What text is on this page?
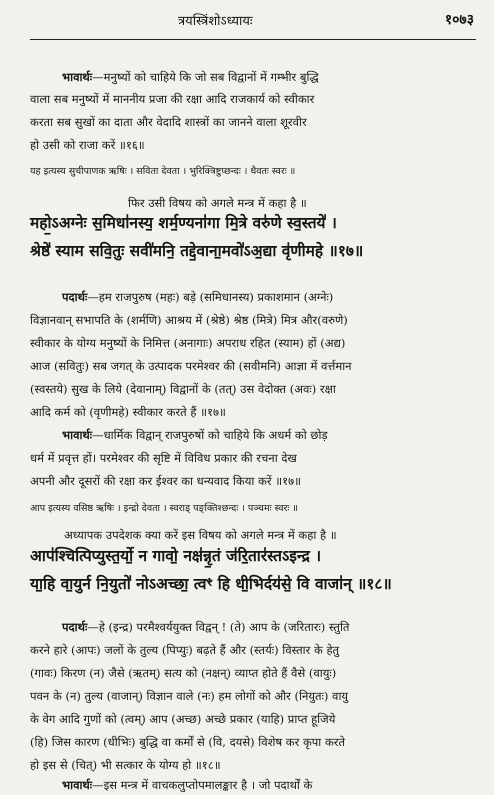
त्रयस्त्रिंशोऽध्यायः	१०७३
भावार्थः—मनुष्यों को चाहिये कि जो सब विद्वानों में गम्भीर बुद्धि
वाला सब मनुष्यों में माननीय प्रजा की रक्षा आदि राजकार्य को स्वीकार
करता सब सुखों का दाता और वेदादि शास्त्रों का जानने वाला शूरवीर
हो उसी को राजा करें ॥१६॥
यह इत्यस्य सुचीपाणक ऋषिः । सविता देवता । भुरिक्त्रिष्टुप्छन्दः । धैवतः स्वरः ॥
फिर उसी विषय को अगले मन्त्र में कहा है ॥
महो॒ऽअग्नेः स॒मिधा॑नस्य॒ शर्म॒ण्यना॑गा मि॒त्रे वरु॑णे स्व॒स्तये॑ ।
श्रेष्ठे॑ स्याम सवि॒तुः सवी॑मनि॒ तद्दे॒वाना॒मवो॑ऽअ॒द्या वृ॑णीमहे ॥१७॥
पदार्थः—हम राजपुरुष (महः) बड़े (समिधानस्य) प्रकाशमान (अग्नेः)
विज्ञानवान् सभापति के (शर्मणि) आश्रय में (श्रेष्ठे) श्रेष्ठ (मित्रे) मित्र और(वरुणे)
स्वीकार के योग्य मनुष्यों के निमित्त (अनागाः) अपराध रहित (स्याम) हों (अद्य)
आज (सवितुः) सब जगत् के उत्पादक परमेश्वर की (सवीमनि) आज्ञा में वर्त्तमान
(स्वस्तये) सुख के लिये (देवानाम्) विद्वानों के (तत्) उस वेदोक्त (अवः) रक्षा
आदि कर्म को (वृणीमहे) स्वीकार करते हैं ॥१७॥
भावार्थः—धार्मिक विद्वान् राजपुरुषों को चाहिये कि अधर्म को छोड़
धर्म में प्रवृत्त हों। परमेश्वर की सृष्टि में विविध प्रकार की रचना देख
अपनी और दूसरों की रक्षा कर ईश्वर का धन्यवाद किया करें ॥१७॥
आप इत्यस्य वसिष्ठ ऋषिः । इन्द्रो देवता । स्वराड् पङ्क्तिश्छन्दः । पञ्चमः स्वरः ॥
अध्यापक उपदेशक क्या करें इस विषय को अगले मन्त्र में कहा है ॥
आप॑श्चित्पिप्युस्त॒र्यो॒ न गावो॒ नक्ष॑न्नृ॒तं ज॑रि॒तार॑स्तऽइन्द्र ।
या॒हि वा॒युर्न नि॒युतो॑ नोऽअच्छा॒ त्वꣳ हि धी॒भिर्दय॑से॒ वि वाजा॑न् ॥१८॥
पदार्थः—हे (इन्द्र) परमैश्वर्ययुक्त विद्वन् ! (ते) आप के (जरितारः) स्तुति
करने हारे (आपः) जलों के तुल्य (पिप्युः) बढ़ते हैं और (स्तर्यः) विस्तार के हेतु
(गावः) किरण (न) जैसे (ऋतम्) सत्य को (नक्षन्) व्याप्त होते हैं वैसे (वायुः)
पवन के (न) तुल्य (वाजान्) विज्ञान वाले (नः) हम लोगों को और (नियुतः) वायु
के वेग आदि गुणों को (त्वम्) आप (अच्छ) अच्छे प्रकार (याहि) प्राप्त हूजिये
(हि) जिस कारण (धीभिः) बुद्धि वा कर्मों से (वि, दयसे) विशेष कर कृपा करते
हो इस से (चित्) भी सत्कार के योग्य हो ॥१८॥
भावार्थः—इस मन्त्र में वाचकलुप्तोपमालङ्कार है । जो पदार्थों के
